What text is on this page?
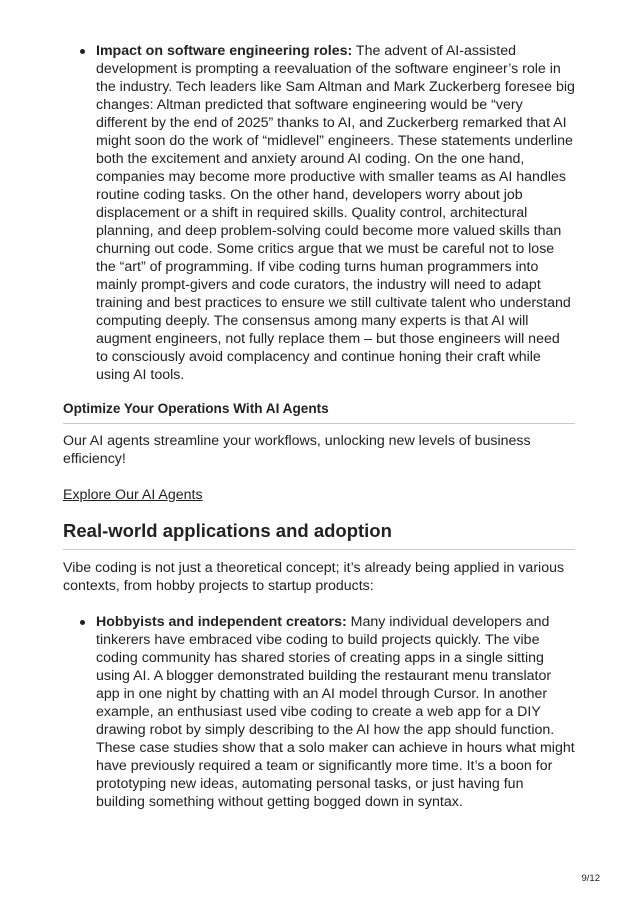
Impact on software engineering roles: The advent of AI-assisted development is prompting a reevaluation of the software engineer’s role in the industry. Tech leaders like Sam Altman and Mark Zuckerberg foresee big changes: Altman predicted that software engineering would be “very different by the end of 2025” thanks to AI, and Zuckerberg remarked that AI might soon do the work of “midlevel” engineers. These statements underline both the excitement and anxiety around AI coding. On the one hand, companies may become more productive with smaller teams as AI handles routine coding tasks. On the other hand, developers worry about job displacement or a shift in required skills. Quality control, architectural planning, and deep problem-solving could become more valued skills than churning out code. Some critics argue that we must be careful not to lose the “art” of programming. If vibe coding turns human programmers into mainly prompt-givers and code curators, the industry will need to adapt training and best practices to ensure we still cultivate talent who understand computing deeply. The consensus among many experts is that AI will augment engineers, not fully replace them – but those engineers will need to consciously avoid complacency and continue honing their craft while using AI tools.
Optimize Your Operations With AI Agents
Our AI agents streamline your workflows, unlocking new levels of business efficiency!
Explore Our AI Agents
Real-world applications and adoption
Vibe coding is not just a theoretical concept; it’s already being applied in various contexts, from hobby projects to startup products:
Hobbyists and independent creators: Many individual developers and tinkerers have embraced vibe coding to build projects quickly. The vibe coding community has shared stories of creating apps in a single sitting using AI. A blogger demonstrated building the restaurant menu translator app in one night by chatting with an AI model through Cursor. In another example, an enthusiast used vibe coding to create a web app for a DIY drawing robot by simply describing to the AI how the app should function. These case studies show that a solo maker can achieve in hours what might have previously required a team or significantly more time. It’s a boon for prototyping new ideas, automating personal tasks, or just having fun building something without getting bogged down in syntax.
9/12
